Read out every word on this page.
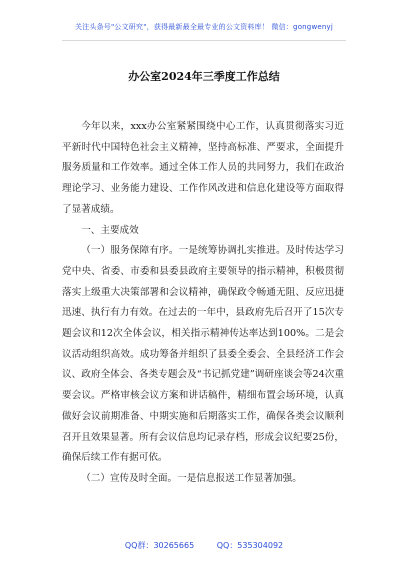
关注头条号"公文研究"，获得最新最全最专业的公文资料库！ 微信：gongwenyj
办公室2024年三季度工作总结

今年以来，xxx办公室紧紧围绕中心工作，认真贯彻落实习近平新时代中国特色社会主义精神，坚持高标准、严要求，全面提升服务质量和工作效率。通过全体工作人员的共同努力，我们在政治理论学习、业务能力建设、工作作风改进和信息化建设等方面取得了显著成绩。

一、主要成效

（一）服务保障有序。一是统筹协调扎实推进。及时传达学习党中央、省委、市委和县委县政府主要领导的指示精神，积极贯彻落实上级重大决策部署和会议精神，确保政令畅通无阻、反应迅捷迅速、执行有力有效。在过去的一年中，县政府先后召开了15次专题会议和12次全体会议，相关指示精神传达率达到100%。二是会议活动组织高效。成功筹备并组织了县委全委会、全县经济工作会议、政府全体会、各类专题会及“书记抓党建”调研座谈会等24次重要会议。严格审核会议方案和讲话稿件，精细布置会场环境，认真做好会议前期准备、中期实施和后期落实工作，确保各类会议顺利召开且效果显著。所有会议信息均记录存档，形成会议纪要25份，确保后续工作有据可依。

（二）宣传及时全面。一是信息报送工作显著加强。

QQ群：30265665	QQ：535304092
